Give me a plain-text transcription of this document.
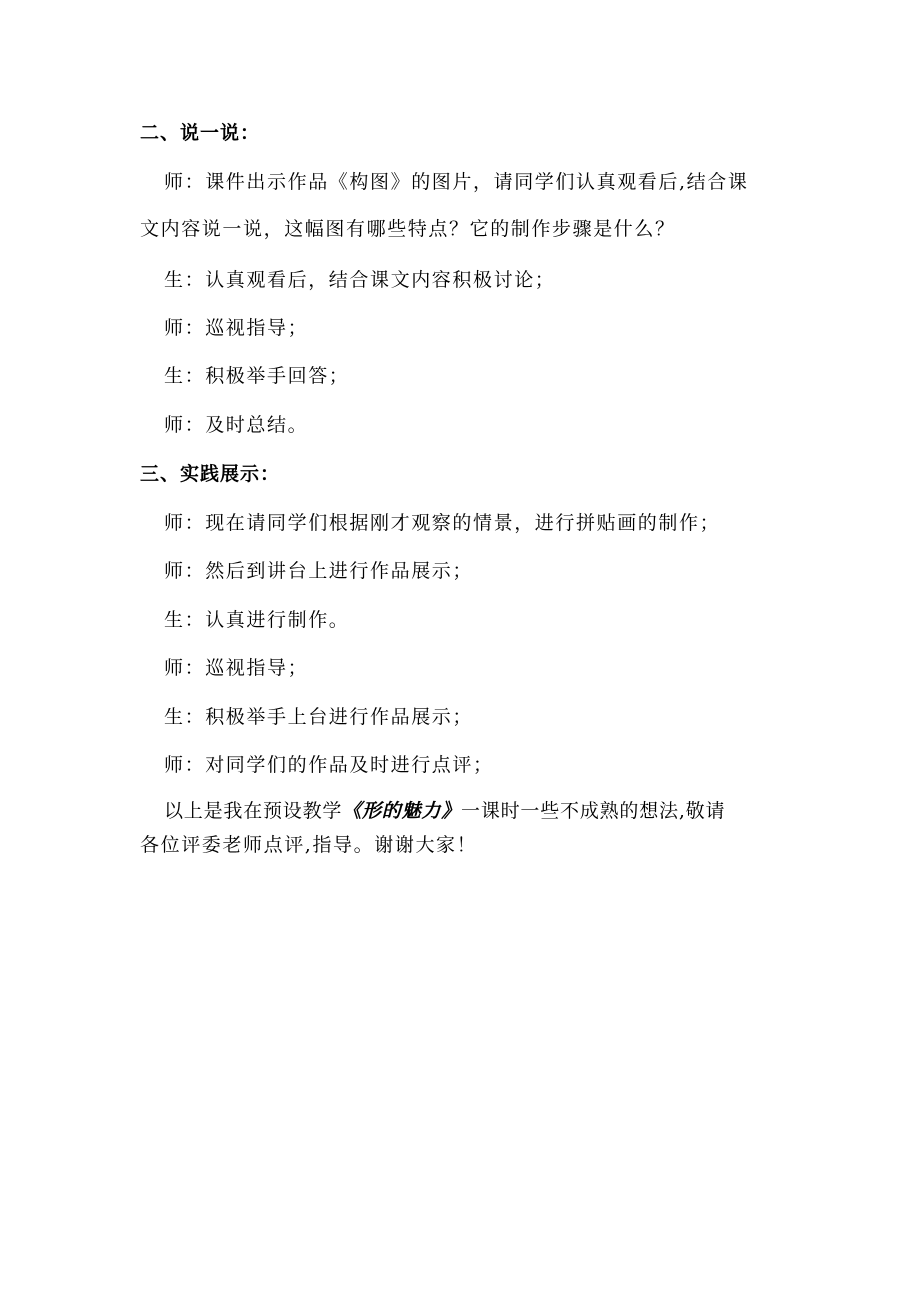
二、说一说：
师：课件出示作品《构图》的图片，请同学们认真观看后,结合课
文内容说一说，这幅图有哪些特点？它的制作步骤是什么？
生：认真观看后，结合课文内容积极讨论；
师：巡视指导；
生：积极举手回答；
师：及时总结。
三、实践展示：
师：现在请同学们根据刚才观察的情景，进行拼贴画的制作；
师：然后到讲台上进行作品展示；
生：认真进行制作。
师：巡视指导；
生：积极举手上台进行作品展示；
师：对同学们的作品及时进行点评；
以上是我在预设教学《形的魅力》一课时一些不成熟的想法,敬请
各位评委老师点评,指导。谢谢大家！
